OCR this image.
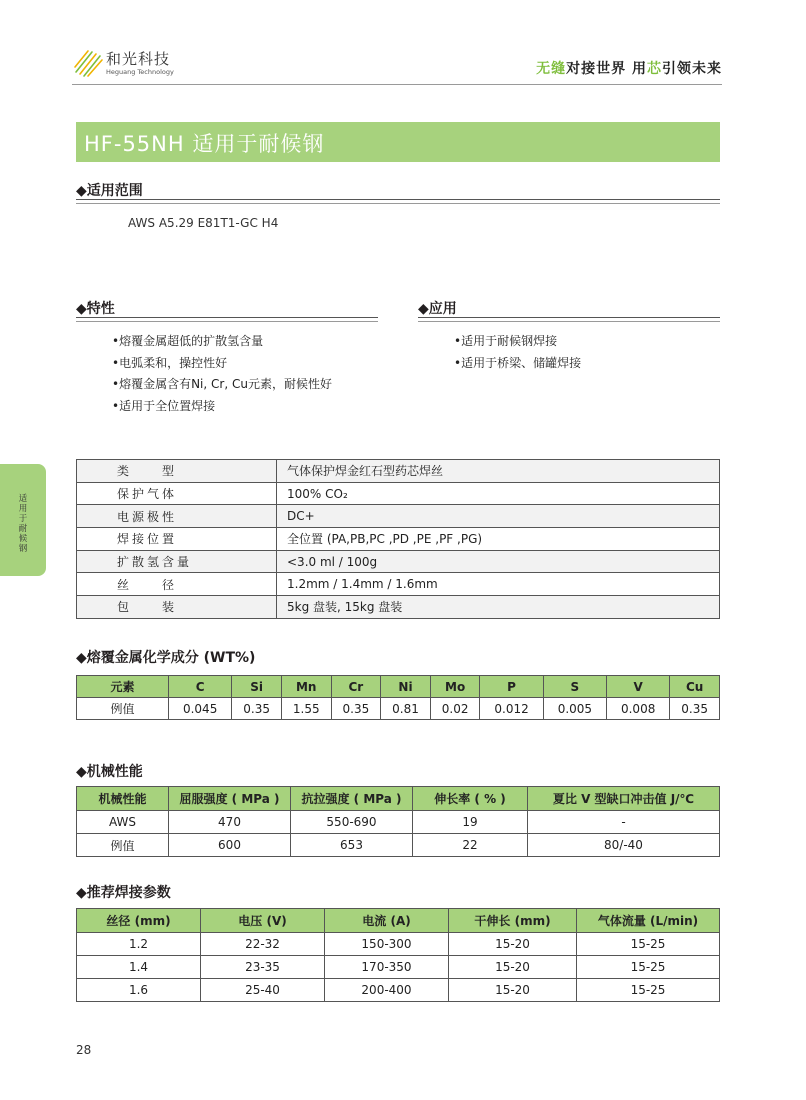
和光科技
Heguang Technology	无缝对接世界 用芯引领未来
HF-55NH 适用于耐候钢
◆适用范围
AWS A5.29 E81T1-GC H4
◆特性
•熔覆金属超低的扩散氢含量
•电弧柔和，操控性好
•熔覆金属含有Ni, Cr, Cu元素，耐候性好
•适用于全位置焊接
◆应用
•适用于耐候钢焊接
•适用于桥梁、储罐焊接
适用于耐候钢
类　　型	气体保护焊金红石型药芯焊丝
保护气体	100% CO₂
电源极性	DC+
焊接位置	全位置 (PA,PB,PC ,PD ,PE ,PF ,PG)
扩散氢含量	<3.0 ml / 100g
丝　　径	1.2mm / 1.4mm / 1.6mm
包　　装	5kg 盘装, 15kg 盘装
◆熔覆金属化学成分 (WT%)
元素	C	Si	Mn	Cr	Ni	Mo	P	S	V	Cu
例值	0.045	0.35	1.55	0.35	0.81	0.02	0.012	0.005	0.008	0.35
◆机械性能
机械性能	屈服强度 ( MPa )	抗拉强度 ( MPa )	伸长率 ( % )	夏比 V 型缺口冲击值 J/℃
AWS	470	550-690	19	-
例值	600	653	22	80/-40
◆推荐焊接参数
丝径 (mm)	电压 (V)	电流 (A)	干伸长 (mm)	气体流量 (L/min)
1.2	22-32	150-300	15-20	15-25
1.4	23-35	170-350	15-20	15-25
1.6	25-40	200-400	15-20	15-25
28
